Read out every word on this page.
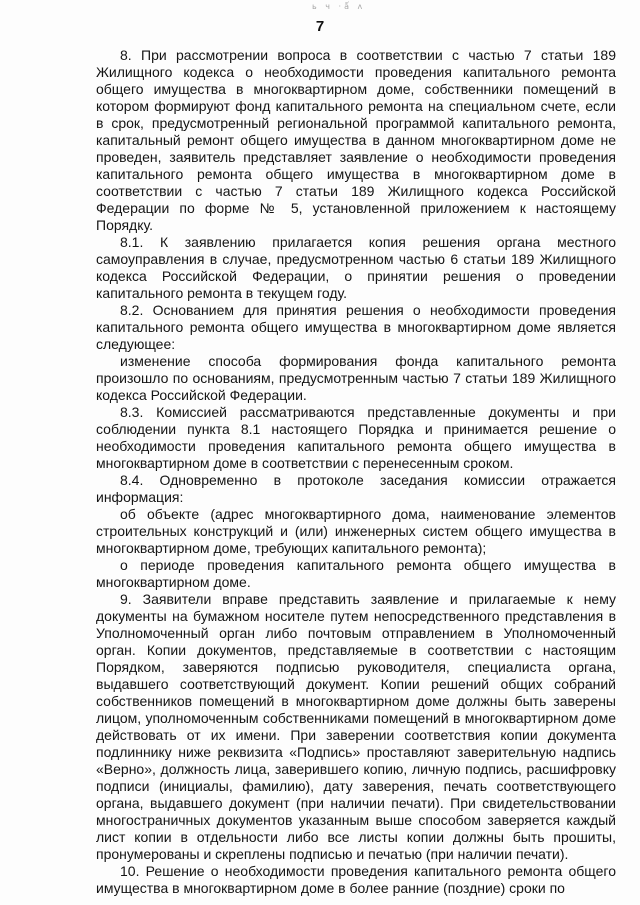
ь ч ·ǻ ʌ
7

8. При рассмотрении вопроса в соответствии с частью 7 статьи 189 Жилищного кодекса о необходимости проведения капитального ремонта общего имущества в многоквартирном доме, собственники помещений в котором формируют фонд капитального ремонта на специальном счете, если в срок, предусмотренный региональной программой капитального ремонта, капитальный ремонт общего имущества в данном многоквартирном доме не проведен, заявитель представляет заявление о необходимости проведения капитального ремонта общего имущества в многоквартирном доме в соответствии с частью 7 статьи 189 Жилищного кодекса Российской Федерации по форме № 5, установленной приложением к настоящему Порядку.

8.1. К заявлению прилагается копия решения органа местного самоуправления в случае, предусмотренном частью 6 статьи 189 Жилищного кодекса Российской Федерации, о принятии решения о проведении капитального ремонта в текущем году.

8.2. Основанием для принятия решения о необходимости проведения капитального ремонта общего имущества в многоквартирном доме является следующее:

изменение способа формирования фонда капитального ремонта произошло по основаниям, предусмотренным частью 7 статьи 189 Жилищного кодекса Российской Федерации.

8.3. Комиссией рассматриваются представленные документы и при соблюдении пункта 8.1 настоящего Порядка и принимается решение о необходимости проведения капитального ремонта общего имущества в многоквартирном доме в соответствии с перенесенным сроком.

8.4. Одновременно в протоколе заседания комиссии отражается информация:

об объекте (адрес многоквартирного дома, наименование элементов строительных конструкций и (или) инженерных систем общего имущества в многоквартирном доме, требующих капитального ремонта);

о периоде проведения капитального ремонта общего имущества в многоквартирном доме.

9. Заявители вправе представить заявление и прилагаемые к нему документы на бумажном носителе путем непосредственного представления в Уполномоченный орган либо почтовым отправлением в Уполномоченный орган. Копии документов, представляемые в соответствии с настоящим Порядком, заверяются подписью руководителя, специалиста органа, выдавшего соответствующий документ. Копии решений общих собраний собственников помещений в многоквартирном доме должны быть заверены лицом, уполномоченным собственниками помещений в многоквартирном доме действовать от их имени. При заверении соответствия копии документа подлиннику ниже реквизита «Подпись» проставляют заверительную надпись «Верно», должность лица, заверившего копию, личную подпись, расшифровку подписи (инициалы, фамилию), дату заверения, печать соответствующего органа, выдавшего документ (при наличии печати). При свидетельствовании многостраничных документов указанным выше способом заверяется каждый лист копии в отдельности либо все листы копии должны быть прошиты, пронумерованы и скреплены подписью и печатью (при наличии печати).

10. Решение о необходимости проведения капитального ремонта общего имущества в многоквартирном доме в более ранние (поздние) сроки по
